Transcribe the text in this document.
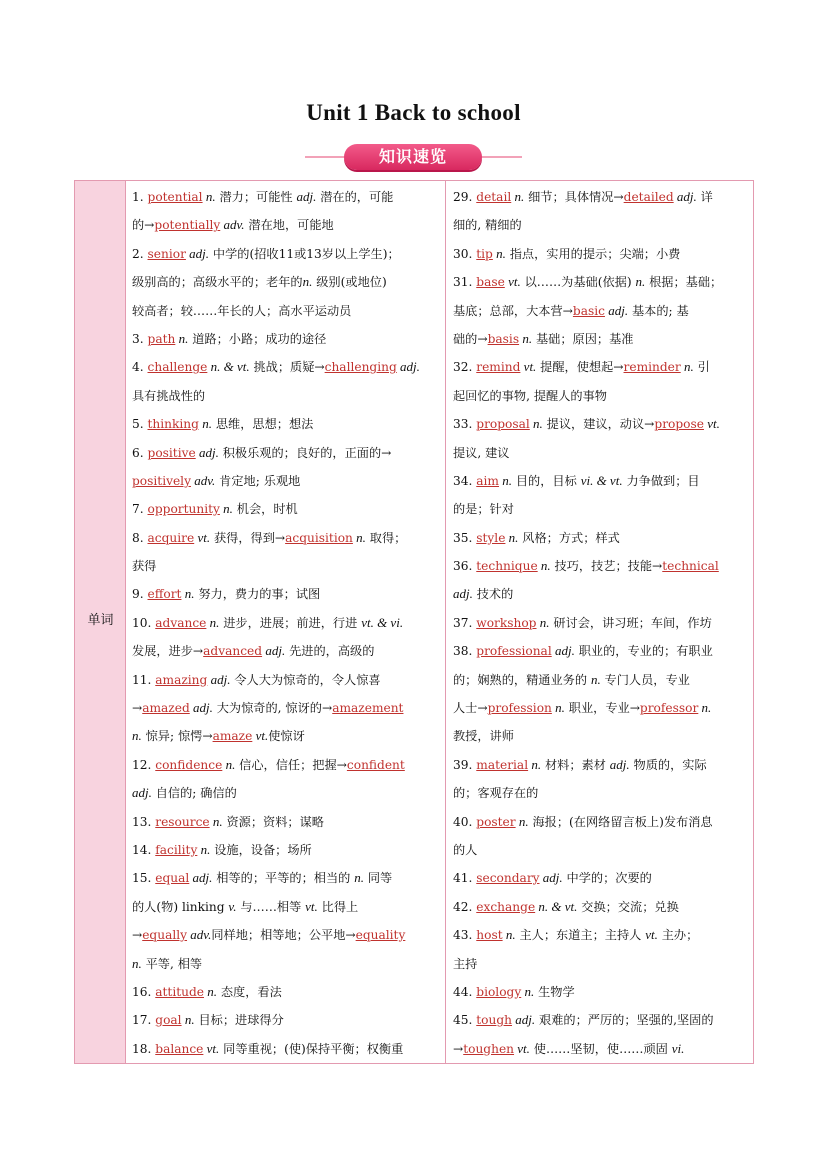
Unit 1 Back to school
知识速览
单词
1. potential n. 潜力；可能性 adj. 潜在的，可能
的→potentially adv. 潜在地，可能地
2. senior adj. 中学的(招收11或13岁以上学生)；
级别高的；高级水平的；老年的n. 级别(或地位)
较高者；较……年长的人；高水平运动员
3. path n. 道路；小路；成功的途径
4. challenge n. & vt. 挑战；质疑→challenging adj.
具有挑战性的
5. thinking n. 思维，思想；想法
6. positive adj. 积极乐观的；良好的，正面的→
positively adv. 肯定地; 乐观地
7. opportunity n. 机会，时机
8. acquire vt. 获得，得到→acquisition n. 取得；
获得
9. effort n. 努力，费力的事；试图
10. advance n. 进步，进展；前进，行进 vt. & vi.
发展，进步→advanced adj. 先进的，高级的
11. amazing adj. 令人大为惊奇的，令人惊喜
→amazed adj. 大为惊奇的, 惊讶的→amazement
n. 惊异; 惊愕→amaze vt.使惊讶
12. confidence n. 信心，信任；把握→confident
adj. 自信的; 确信的
13. resource n. 资源；资料；谋略
14. facility n. 设施，设备；场所
15. equal adj. 相等的；平等的；相当的 n. 同等
的人(物) linking v. 与……相等 vt. 比得上
→equally adv.同样地；相等地；公平地→equality
n. 平等, 相等
16. attitude n. 态度，看法
17. goal n. 目标；进球得分
18. balance vt. 同等重视；(使)保持平衡；权衡重
29. detail n. 细节；具体情况→detailed adj. 详
细的, 精细的
30. tip n. 指点，实用的提示；尖端；小费
31. base vt. 以……为基础(依据) n. 根据；基础；
基底；总部，大本营→basic adj. 基本的; 基
础的→basis n. 基础；原因；基准
32. remind vt. 提醒，使想起→reminder n. 引
起回忆的事物, 提醒人的事物
33. proposal n. 提议，建议，动议→propose vt.
提议, 建议
34. aim n. 目的，目标 vi. & vt. 力争做到；目
的是；针对
35. style n. 风格；方式；样式
36. technique n. 技巧，技艺；技能→technical
adj. 技术的
37. workshop n. 研讨会，讲习班；车间，作坊
38. professional adj. 职业的，专业的；有职业
的；娴熟的，精通业务的 n. 专门人员，专业
人士→profession n. 职业，专业→professor n.
教授，讲师
39. material n. 材料；素材 adj. 物质的，实际
的；客观存在的
40. poster n. 海报；(在网络留言板上)发布消息
的人
41. secondary adj. 中学的；次要的
42. exchange n. & vt. 交换；交流；兑换
43. host n. 主人；东道主；主持人 vt. 主办；
主持
44. biology n. 生物学
45. tough adj. 艰难的；严厉的；坚强的,坚固的
→toughen vt. 使……坚韧，使……顽固 vi.
